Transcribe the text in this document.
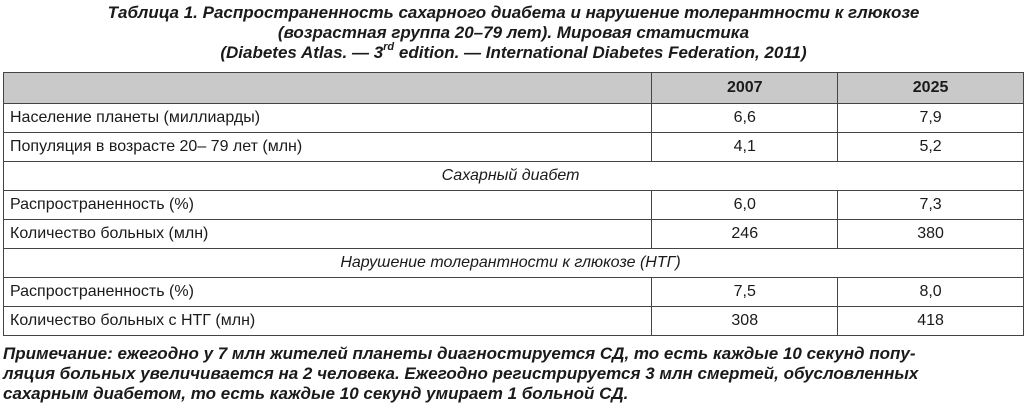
Таблица 1. Распространенность сахарного диабета и нарушение толерантности к глюкозе
(возрастная группа 20–79 лет). Мировая статистика
(Diabetes Atlas. — 3rd edition. — International Diabetes Federation, 2011)
	2007	2025
Население планеты (миллиарды)	6,6	7,9
Популяция в возрасте 20– 79 лет (млн)	4,1	5,2
Сахарный диабет		
Распространенность (%)	6,0	7,3
Количество больных (млн)	246	380
Нарушение толерантности к глюкозе (НТГ)		
Распространенность (%)	7,5	8,0
Количество больных с НТГ (млн)	308	418
Примечание: ежегодно у 7 млн жителей планеты диагностируется СД, то есть каждые 10 секунд попу-
ляция больных увеличивается на 2 человека. Ежегодно регистрируется 3 млн смертей, обусловленных
сахарным диабетом, то есть каждые 10 секунд умирает 1 больной СД.
